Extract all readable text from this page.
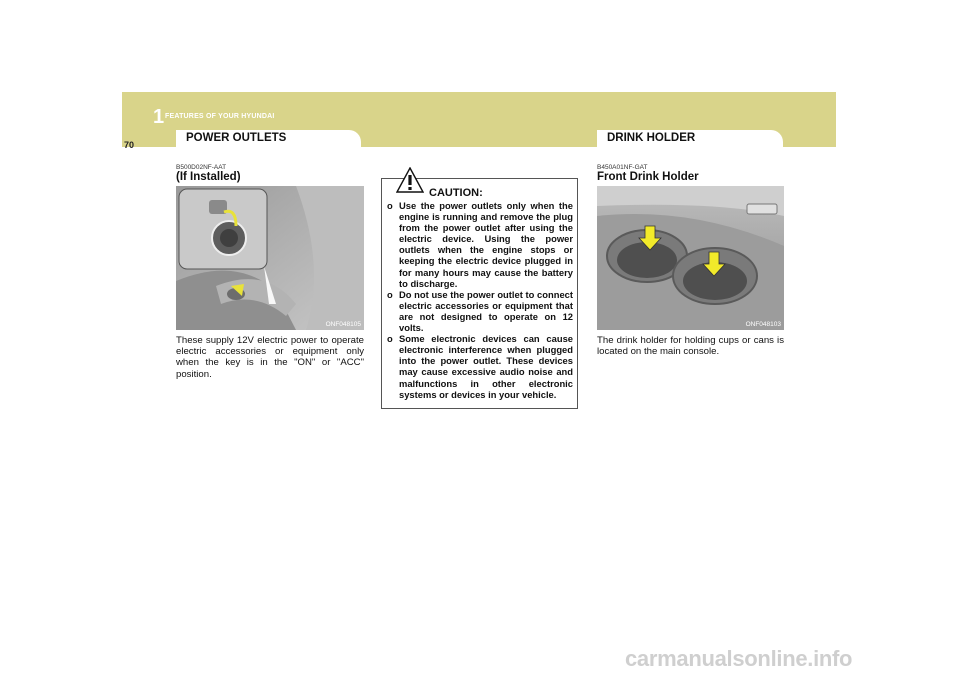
1 FEATURES OF YOUR HYUNDAI
70
POWER OUTLETS	DRINK HOLDER
B500D02NF-AAT
(If Installed)
ONF048105
These supply 12V electric power to operate electric accessories or equipment only when the key is in the "ON" or "ACC" position.
CAUTION:
o Use the power outlets only when the engine is running and remove the plug from the power outlet after using the electric device. Using the power outlets when the engine stops or keeping the electric device plugged in for many hours may cause the battery to discharge.
o Do not use the power outlet to connect electric accessories or equipment that are not designed to operate on 12 volts.
o Some electronic devices can cause electronic interference when plugged into the power outlet. These devices may cause excessive audio noise and malfunctions in other electronic systems or devices in your vehicle.
B450A01NF-GAT
Front Drink Holder
ONF048103
The drink holder for holding cups or cans is located on the main console.
carmanualsonline.info
